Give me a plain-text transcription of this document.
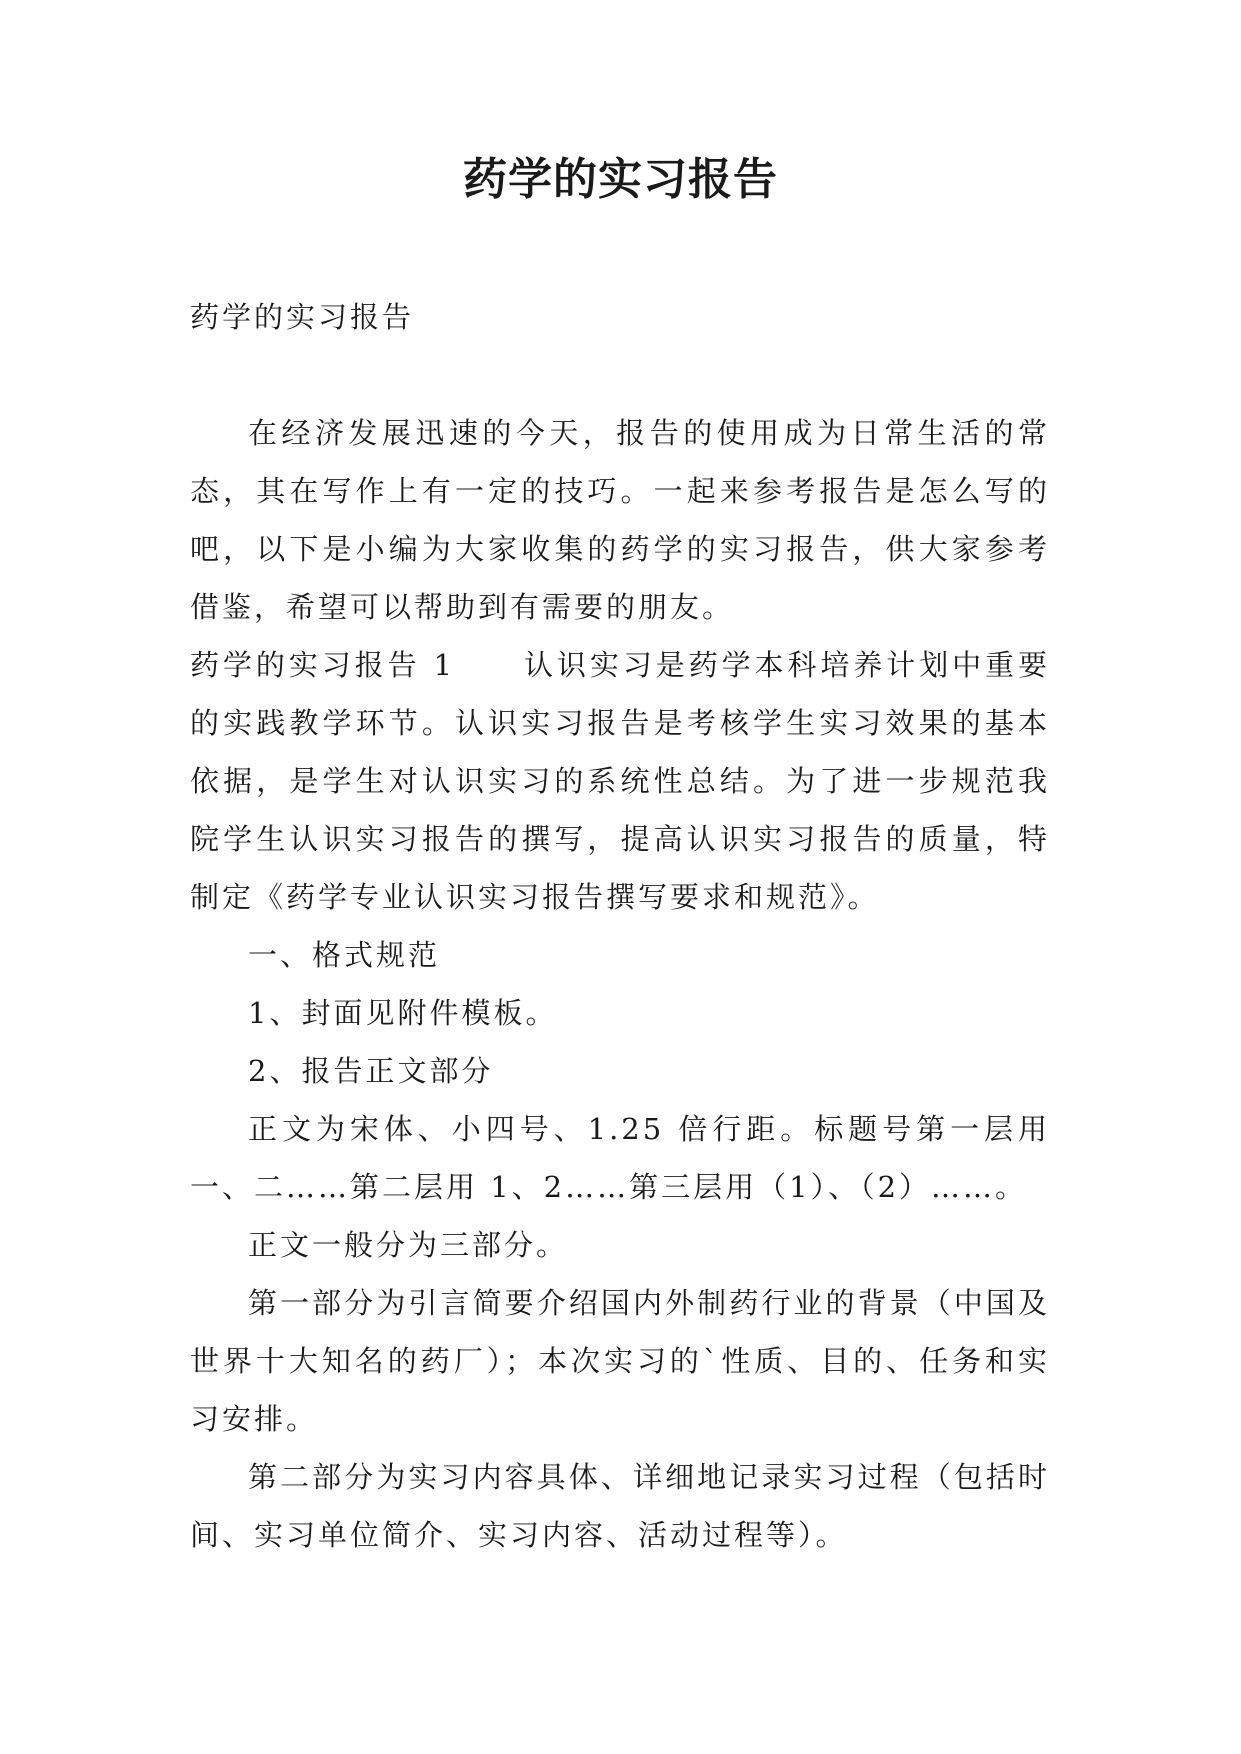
药学的实习报告

药学的实习报告

在经济发展迅速的今天，报告的使用成为日常生活的常态，其在写作上有一定的技巧。一起来参考报告是怎么写的吧，以下是小编为大家收集的药学的实习报告，供大家参考借鉴，希望可以帮助到有需要的朋友。

药学的实习报告 1 认识实习是药学本科培养计划中重要的实践教学环节。认识实习报告是考核学生实习效果的基本依据，是学生对认识实习的系统性总结。为了进一步规范我院学生认识实习报告的撰写，提高认识实习报告的质量，特制定《药学专业认识实习报告撰写要求和规范》。

一、格式规范

1、封面见附件模板。

2、报告正文部分

正文为宋体、小四号、1.25 倍行距。标题号第一层用一、二……第二层用 1、2……第三层用（1）、（2）……。

正文一般分为三部分。

第一部分为引言简要介绍国内外制药行业的背景（中国及世界十大知名的药厂）；本次实习的`性质、目的、任务和实习安排。

第二部分为实习内容具体、详细地记录实习过程（包括时间、实习单位简介、实习内容、活动过程等）。
